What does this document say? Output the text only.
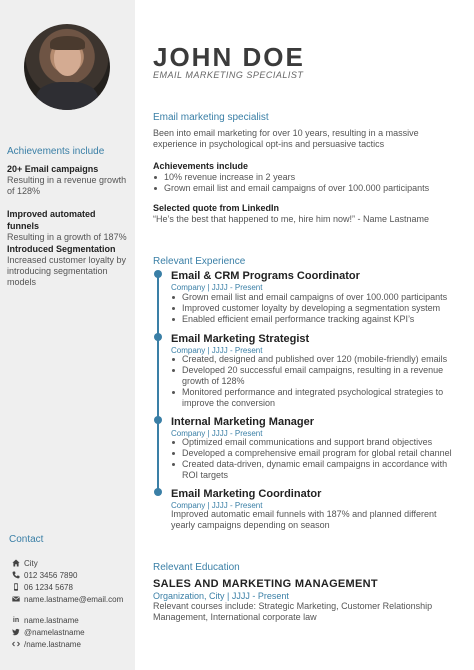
Achievements include
20+ Email campaigns
Resulting in a revenue growth of 128%
Improved automated funnels
Resulting in a growth of 187%
Introduced Segmentation
Increased customer loyalty by introducing segmentation models
Contact
City
012 3456 7890
06 1234 5678
name.lastname@email.com
in name.lastname
@namelastname
/name.lastname
JOHN DOE
EMAIL MARKETING SPECIALIST
Email marketing specialist
Been into email marketing for over 10 years, resulting in a massive experience in psychological opt-ins and persuasive tactics
Achievements include
10% revenue increase in 2 years
Grown email list and email campaigns of over 100.000 participants
Selected quote from LinkedIn
“He’s the best that happened to me, hire him now!” - Name Lastname
Relevant Experience
Email & CRM Programs Coordinator
Company | JJJJ - Present
Grown email list and email campaigns of over 100.000 participants
Improved customer loyalty by developing a segmentation system
Enabled efficient email performance tracking against KPI’s
Email Marketing Strategist
Company | JJJJ - Present
Created, designed and published over 120 (mobile-friendly) emails
Developed 20 successful email campaigns, resulting in a revenue growth of 128%
Monitored performance and integrated psychological strategies to improve the conversion
Internal Marketing Manager
Company | JJJJ - Present
Optimized email communications and support brand objectives
Developed a comprehensive email program for global retail channel
Created data-driven, dynamic email campaigns in accordance with ROI targets
Email Marketing Coordinator
Company | JJJJ - Present
Improved automatic email funnels with 187% and planned different yearly campaigns depending on season
Relevant Education
SALES AND MARKETING MANAGEMENT
Organization, City | JJJJ - Present
Relevant courses include: Strategic Marketing, Customer Relationship Management, International corporate law
